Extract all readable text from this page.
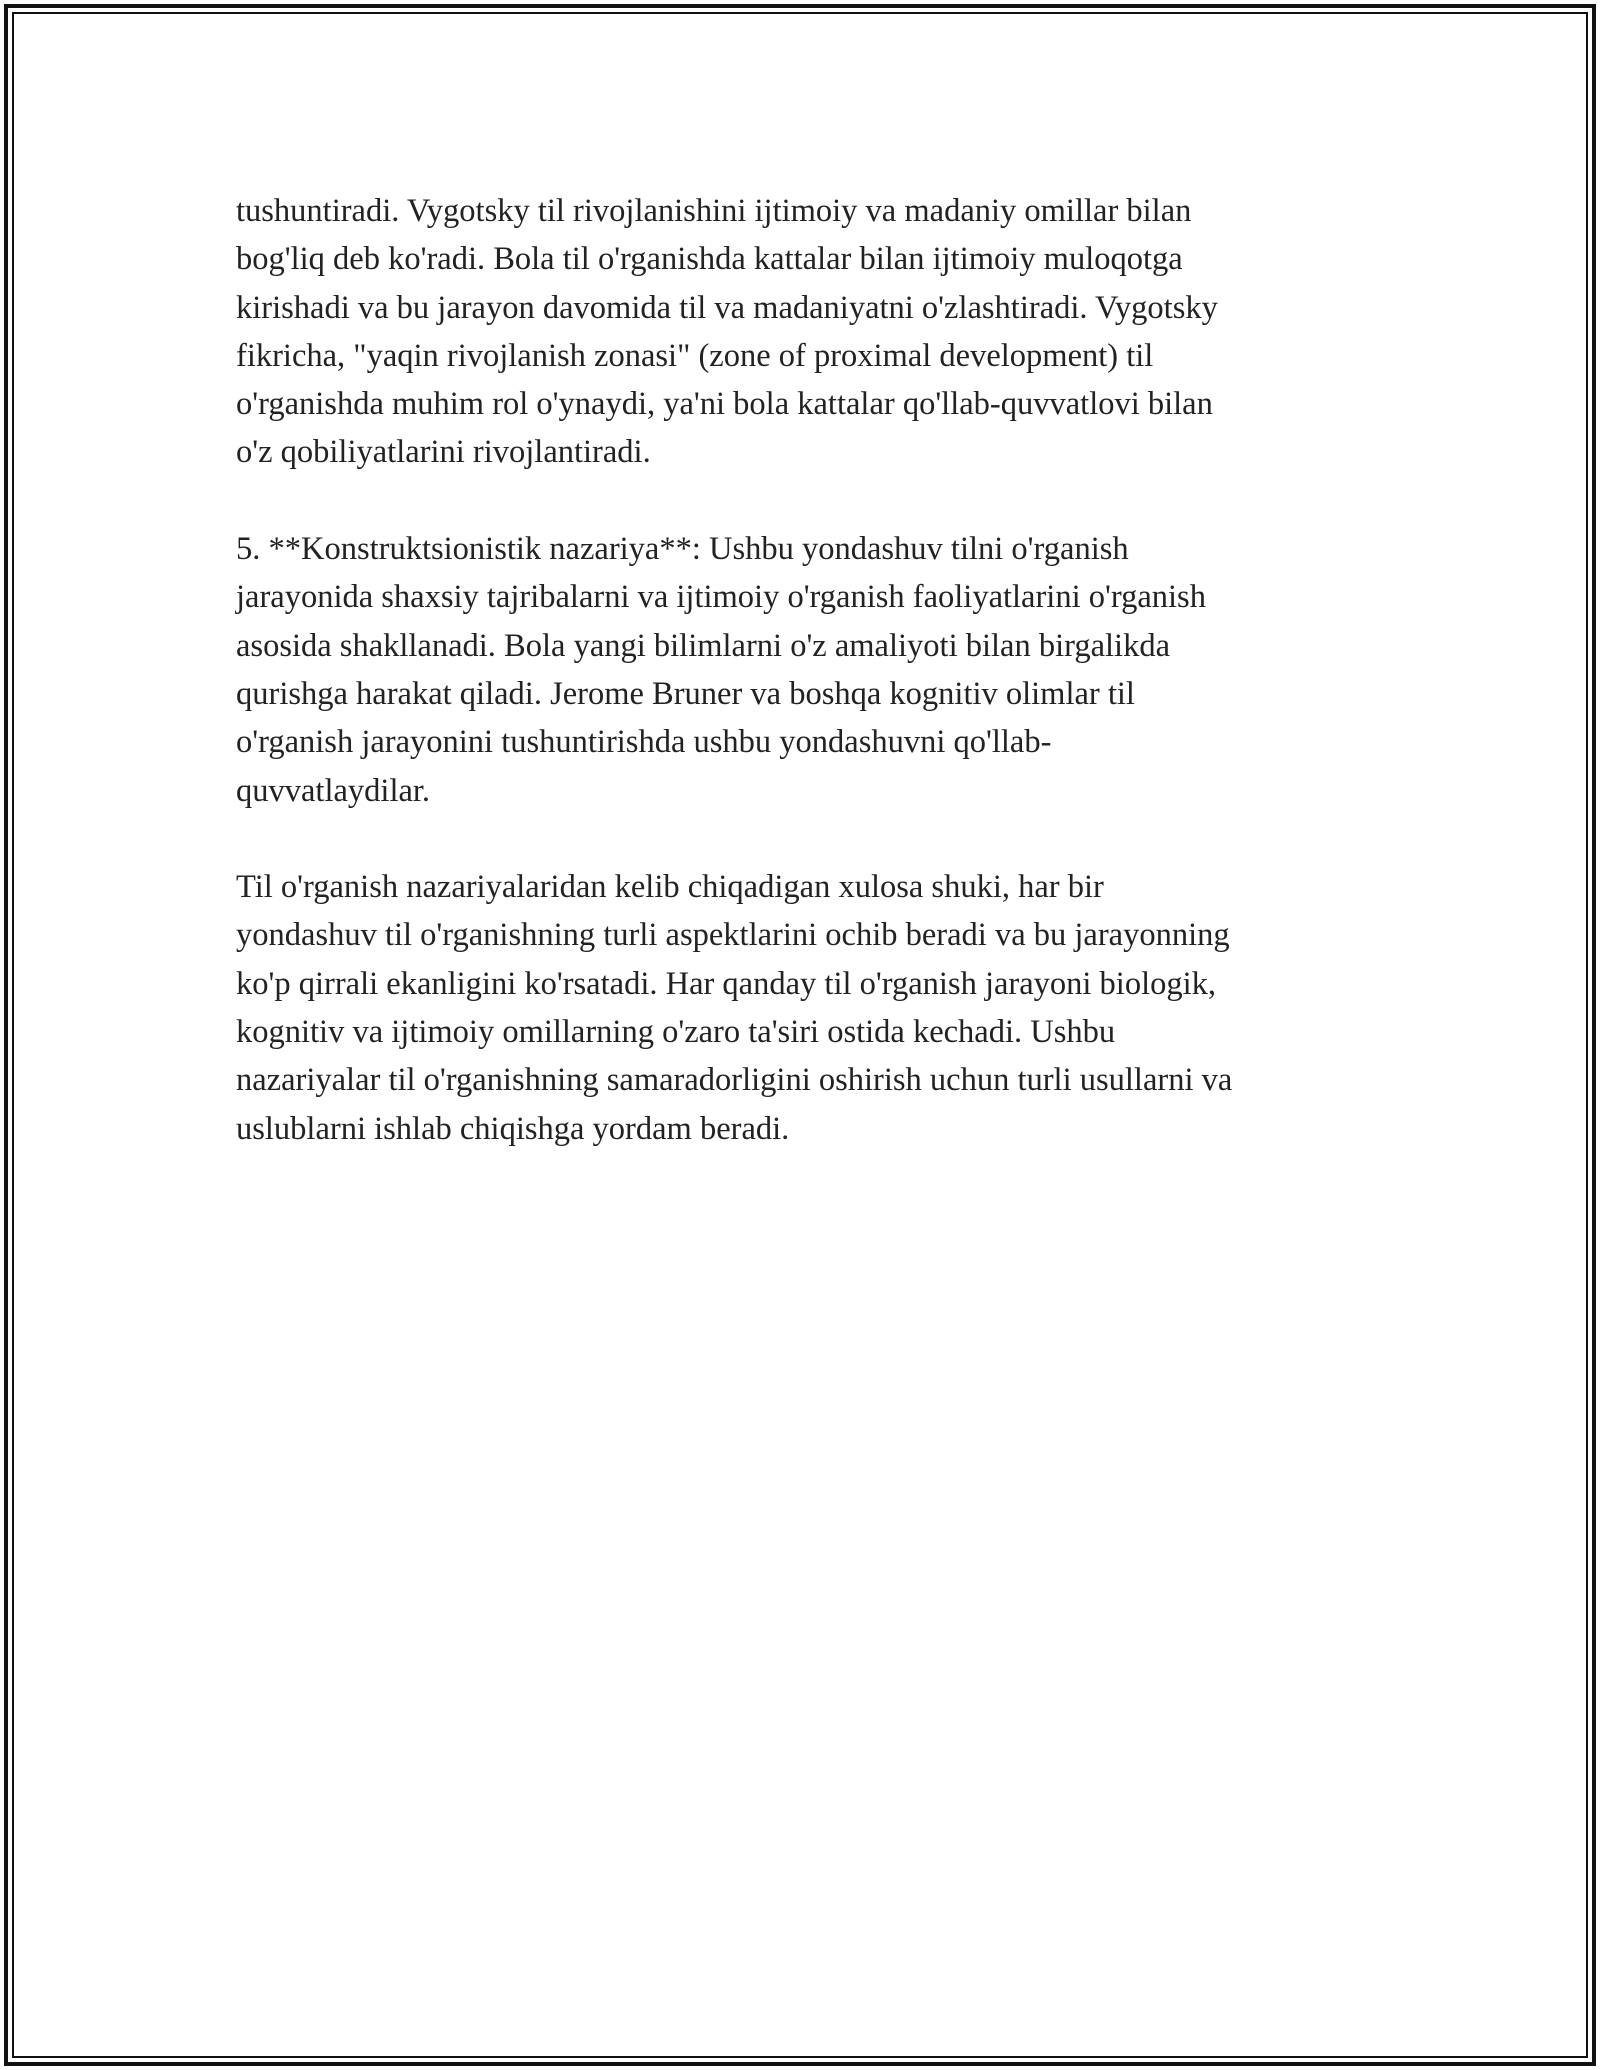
tushuntiradi. Vygotsky til rivojlanishini ijtimoiy va madaniy omillar bilan
bog'liq deb ko'radi. Bola til o'rganishda kattalar bilan ijtimoiy muloqotga
kirishadi va bu jarayon davomida til va madaniyatni o'zlashtiradi. Vygotsky
fikricha, "yaqin rivojlanish zonasi" (zone of proximal development) til
o'rganishda muhim rol o'ynaydi, ya'ni bola kattalar qo'llab-quvvatlovi bilan
o'z qobiliyatlarini rivojlantiradi.

5. **Konstruktsionistik nazariya**: Ushbu yondashuv tilni o'rganish
jarayonida shaxsiy tajribalarni va ijtimoiy o'rganish faoliyatlarini o'rganish
asosida shakllanadi. Bola yangi bilimlarni o'z amaliyoti bilan birgalikda
qurishga harakat qiladi. Jerome Bruner va boshqa kognitiv olimlar til
o'rganish jarayonini tushuntirishda ushbu yondashuvni qo'llab-
quvvatlaydilar.

Til o'rganish nazariyalaridan kelib chiqadigan xulosa shuki, har bir
yondashuv til o'rganishning turli aspektlarini ochib beradi va bu jarayonning
ko'p qirrali ekanligini ko'rsatadi. Har qanday til o'rganish jarayoni biologik,
kognitiv va ijtimoiy omillarning o'zaro ta'siri ostida kechadi. Ushbu
nazariyalar til o'rganishning samaradorligini oshirish uchun turli usullarni va
uslublarni ishlab chiqishga yordam beradi.
